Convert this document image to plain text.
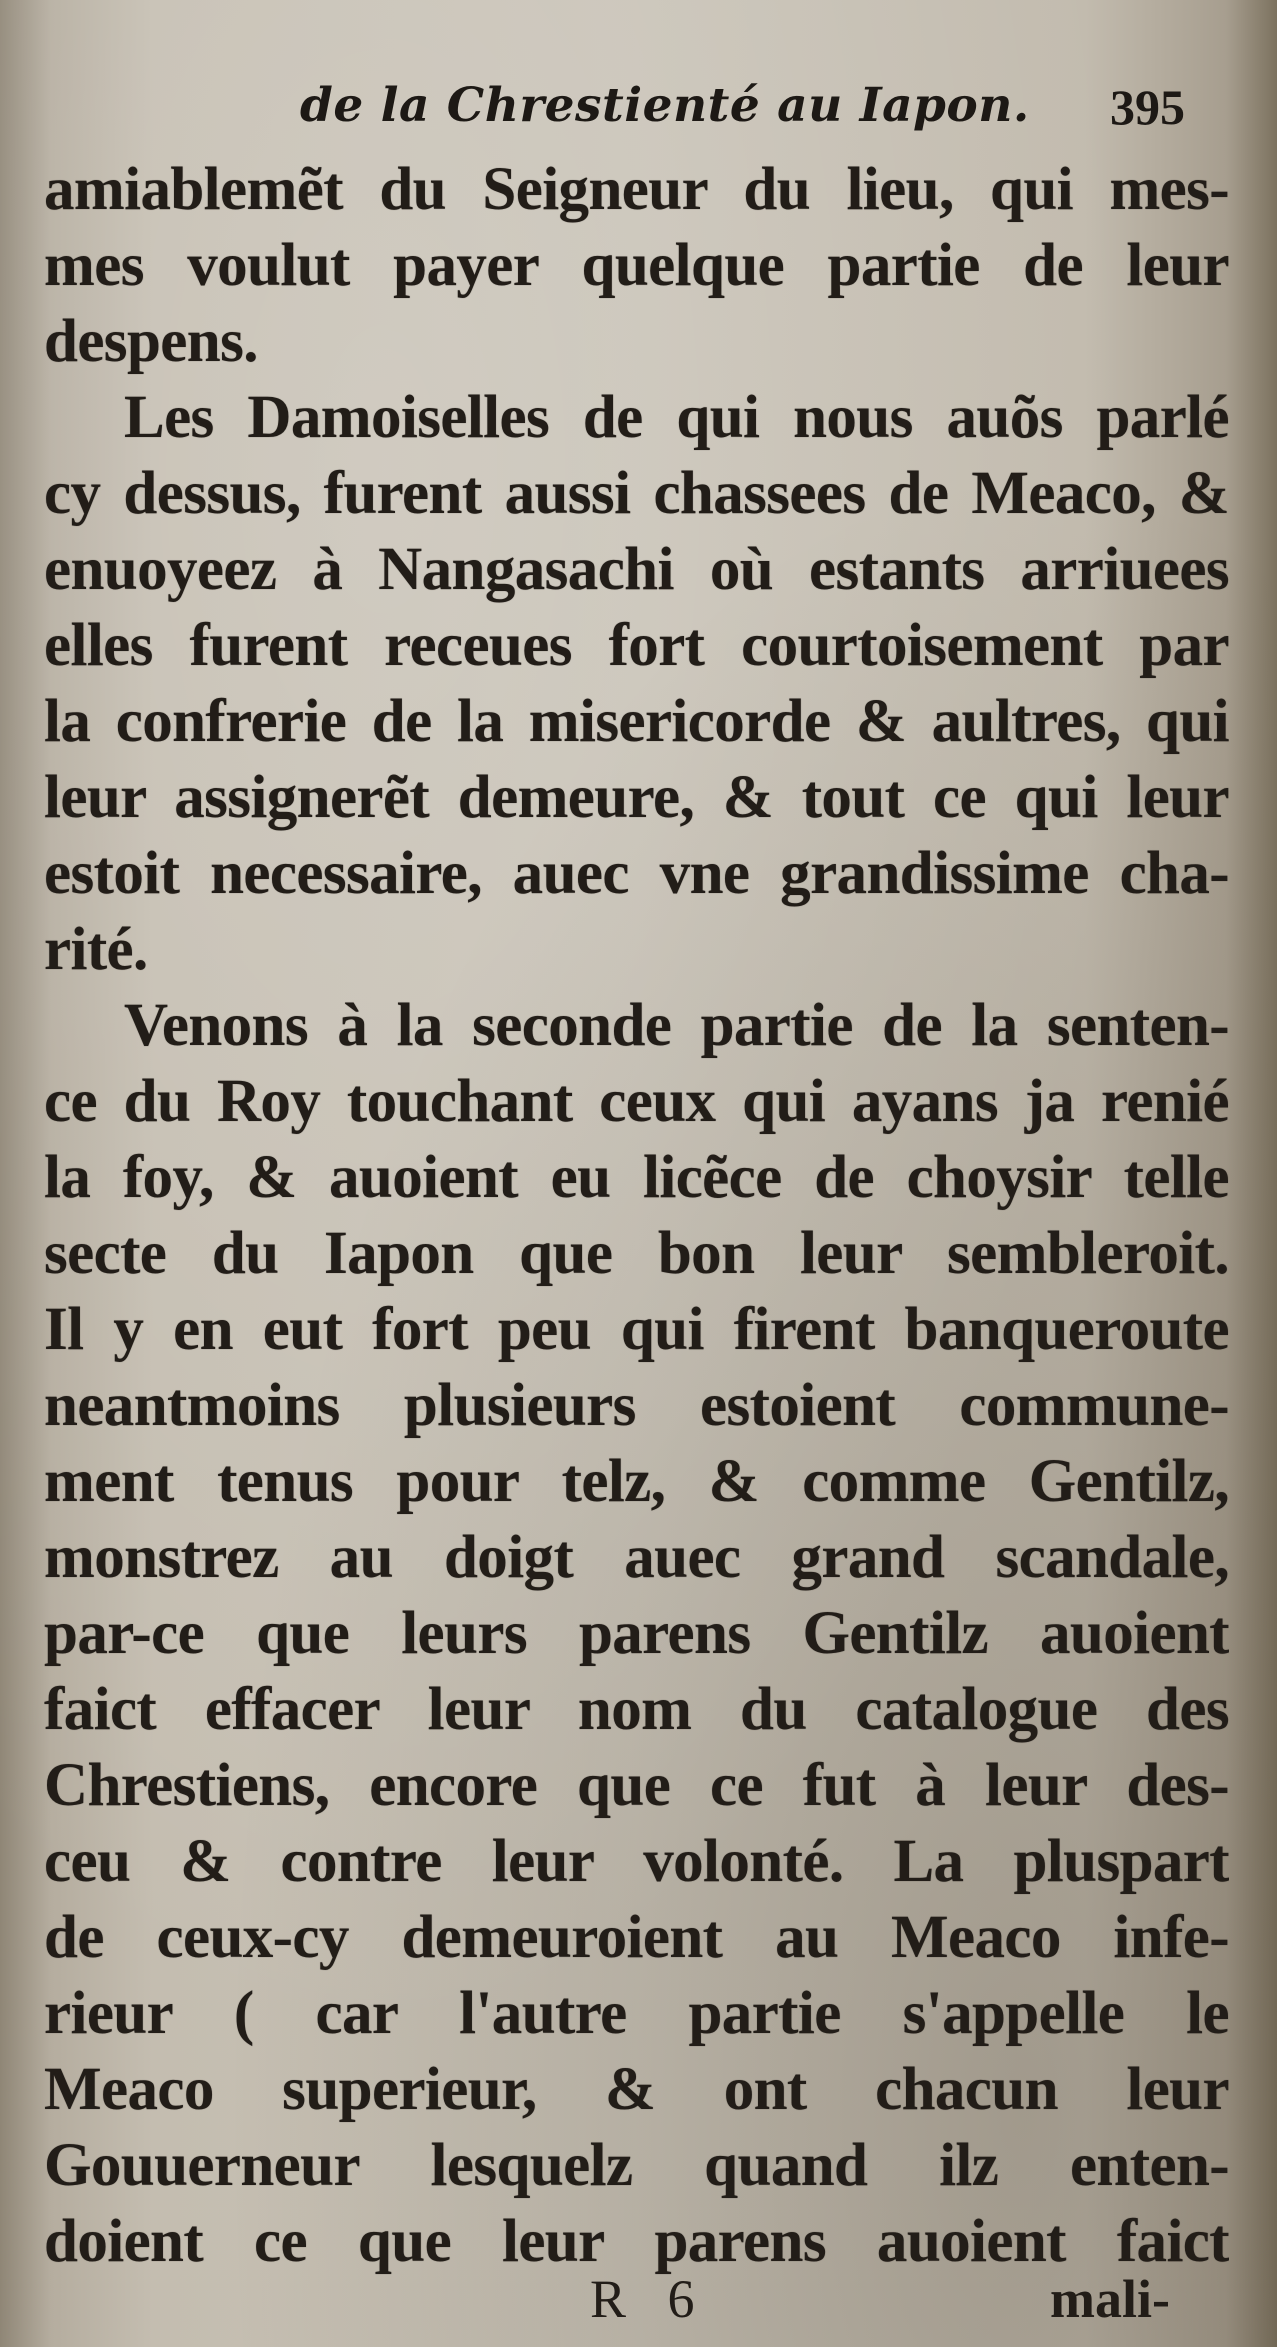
de la Chrestienté au Iapon. 395
amiablemẽt du Seigneur du lieu, qui mes-
mes voulut payer quelque partie de leur
despens.
Les Damoiselles de qui nous auõs parlé
cy dessus, furent aussi chassees de Meaco, &
enuoyeez à Nangasachi où estants arriuees
elles furent receues fort courtoisement par
la confrerie de la misericorde & aultres, qui
leur assignerẽt demeure, & tout ce qui leur
estoit necessaire, auec vne grandissime cha-
rité.
Venons à la seconde partie de la senten-
ce du Roy touchant ceux qui ayans ja renié
la foy, & auoient eu licẽce de choysir telle
secte du Iapon que bon leur sembleroit.
Il y en eut fort peu qui firent banqueroute
neantmoins plusieurs estoient commune-
ment tenus pour telz, & comme Gentilz,
monstrez au doigt auec grand scandale,
par-ce que leurs parens Gentilz auoient
faict effacer leur nom du catalogue des
Chrestiens, encore que ce fut à leur des-
ceu & contre leur volonté. La pluspart
de ceux-cy demeuroient au Meaco infe-
rieur ( car l'autre partie s'appelle le
Meaco superieur, & ont chacun leur
Gouuerneur lesquelz quand ilz enten-
doient ce que leur parens auoient faict
R 6	mali-
